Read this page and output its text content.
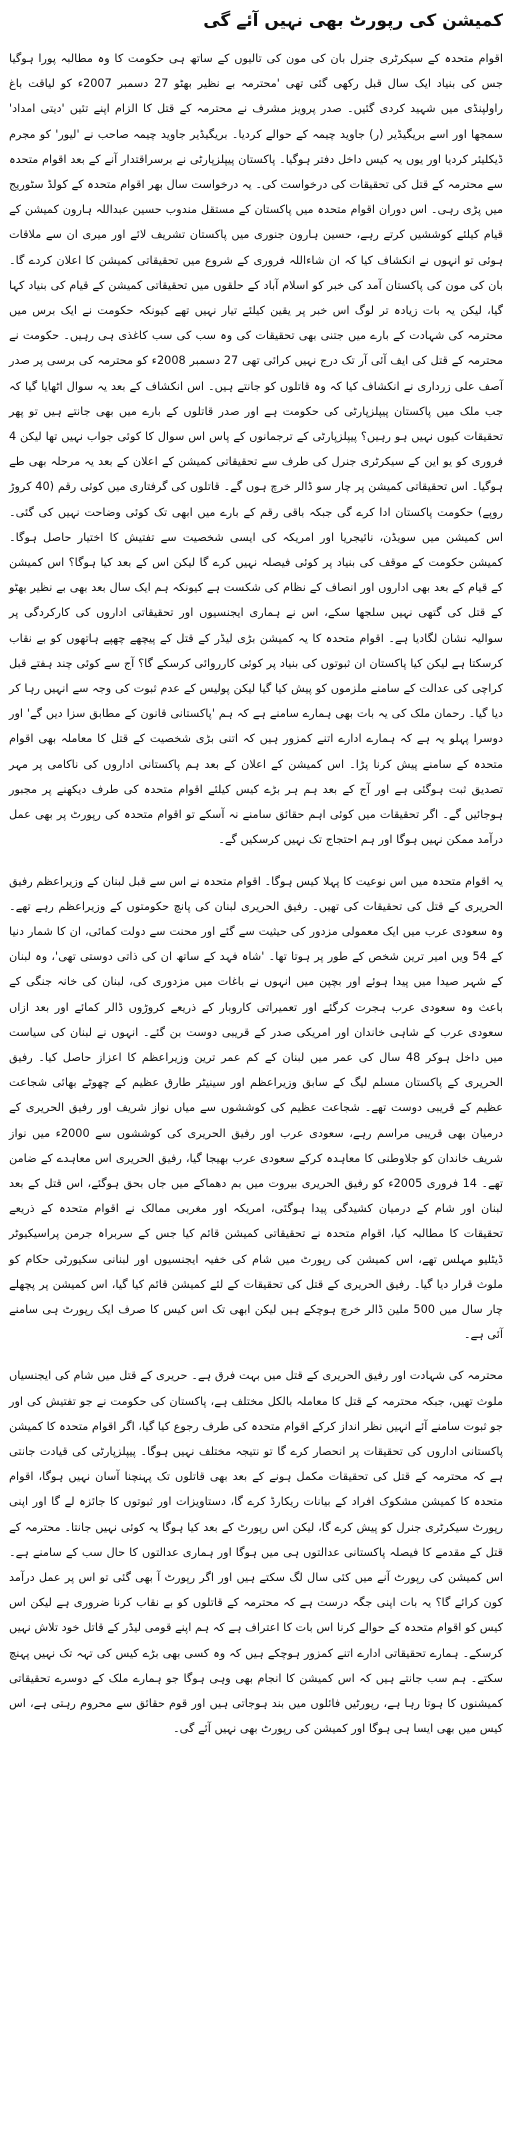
کمیشن کی رپورٹ بھی نہیں آئے گی

اقوام متحدہ کے سیکرٹری جنرل بان کی مون کی تالیوں کے ساتھ ہی حکومت کا وہ مطالبہ پورا ہوگیا جس کی بنیاد ایک سال قبل رکھی گئی تھی 'محترمہ بے نظیر بھٹو 27 دسمبر 2007ء کو لیاقت باغ راولپنڈی میں شہید کردی گئیں۔ صدر پرویز مشرف نے محترمہ کے قتل کا الزام اپنے تئیں 'دیتی امداد' سمجھا اور اسے بریگیڈیر (ر) جاوید چیمہ کے حوالے کردیا۔ بریگیڈیر جاوید چیمہ صاحب نے 'لیور' کو مجرم ڈیکلیئر کردیا اور یوں یہ کیس داخل دفتر ہوگیا۔ پاکستان پیپلزپارٹی نے برسراقتدار آنے کے بعد اقوام متحدہ سے محترمہ کے قتل کی تحقیقات کی درخواست کی۔ یہ درخواست سال بھر اقوام متحدہ کے کولڈ سٹوریج میں پڑی رہی۔ اس دوران اقوام متحدہ میں پاکستان کے مستقل مندوب حسین عبداللہ ہارون کمیشن کے قیام کیلئے کوششیں کرتے رہے، حسین ہارون جنوری میں پاکستان تشریف لائے اور میری ان سے ملاقات ہوئی تو انہوں نے انکشاف کیا کہ ان شاءاللہ فروری کے شروع میں تحقیقاتی کمیشن کا اعلان کردے گا۔ بان کی مون کی پاکستان آمد کی خبر کو اسلام آباد کے حلقوں میں تحقیقاتی کمیشن کے قیام کی بنیاد کہا گیا، لیکن یہ بات زیادہ تر لوگ اس خبر پر یقین کیلئے تیار نہیں تھے کیونکہ حکومت نے ایک برس میں محترمہ کی شہادت کے بارے میں جتنی بھی تحقیقات کی وہ سب کی سب کاغذی ہی رہیں۔ حکومت نے محترمہ کے قتل کی ایف آئی آر تک درج نہیں کرائی تھی 27 دسمبر 2008ء کو محترمہ کی برسی پر صدر آصف علی زرداری نے انکشاف کیا کہ وہ قاتلوں کو جانتے ہیں۔ اس انکشاف کے بعد یہ سوال اٹھایا گیا کہ جب ملک میں پاکستان پیپلزپارٹی کی حکومت ہے اور صدر قاتلوں کے بارے میں بھی جانتے ہیں تو پھر تحقیقات کیوں نہیں ہو رہیں؟ پیپلزپارٹی کے ترجمانوں کے پاس اس سوال کا کوئی جواب نہیں تھا لیکن 4 فروری کو یو این کے سیکرٹری جنرل کی طرف سے تحقیقاتی کمیشن کے اعلان کے بعد یہ مرحلہ بھی طے ہوگیا۔ اس تحقیقاتی کمیشن پر چار سو ڈالر خرچ ہوں گے۔ قاتلوں کی گرفتاری میں کوئی رقم (40 کروڑ روپے) حکومت پاکستان ادا کرے گی جبکہ باقی رقم کے بارے میں ابھی تک کوئی وضاحت نہیں کی گئی۔ اس کمیشن میں سویڈن، نائیجریا اور امریکہ کی ایسی شخصیت سے تفتیش کا اختیار حاصل ہوگا۔ کمیشن حکومت کے موقف کی بنیاد پر کوئی فیصلہ نہیں کرے گا لیکن اس کے بعد کیا ہوگا؟ اس کمیشن کے قیام کے بعد بھی اداروں اور انصاف کے نظام کی شکست ہے کیونکہ ہم ایک سال بعد بھی بے نظیر بھٹو کے قتل کی گتھی نہیں سلجھا سکے، اس نے ہماری ایجنسیوں اور تحقیقاتی اداروں کی کارکردگی پر سوالیہ نشان لگادیا ہے۔ اقوام متحدہ کا یہ کمیشن بڑی لیڈر کے قتل کے پیچھے چھپے ہاتھوں کو بے نقاب کرسکتا ہے لیکن کیا پاکستان ان ثبوتوں کی بنیاد پر کوئی کارروائی کرسکے گا؟ آج سے کوئی چند ہفتے قبل کراچی کی عدالت کے سامنے ملزموں کو پیش کیا گیا لیکن پولیس کے عدم ثبوت کی وجہ سے انہیں رہا کر دیا گیا۔ رحمان ملک کی یہ بات بھی ہمارے سامنے ہے کہ ہم 'پاکستانی قانون کے مطابق سزا دیں گے' اور دوسرا پہلو یہ ہے کہ ہمارے ادارے اتنے کمزور ہیں کہ اتنی بڑی شخصیت کے قتل کا معاملہ بھی اقوام متحدہ کے سامنے پیش کرنا پڑا۔ اس کمیشن کے اعلان کے بعد ہم پاکستانی اداروں کی ناکامی پر مہر تصدیق ثبت ہوگئی ہے اور آج کے بعد ہم ہر بڑے کیس کیلئے اقوام متحدہ کی طرف دیکھنے پر مجبور ہوجائیں گے۔ اگر تحقیقات میں کوئی اہم حقائق سامنے نہ آسکے تو اقوام متحدہ کی رپورٹ پر بھی عمل درآمد ممکن نہیں ہوگا اور ہم احتجاج تک نہیں کرسکیں گے۔

یہ اقوام متحدہ میں اس نوعیت کا پہلا کیس ہوگا۔ اقوام متحدہ نے اس سے قبل لبنان کے وزیراعظم رفیق الحریری کے قتل کی تحقیقات کی تھیں۔ رفیق الحریری لبنان کی پانچ حکومتوں کے وزیراعظم رہے تھے۔ وہ سعودی عرب میں ایک معمولی مزدور کی حیثیت سے گئے اور محنت سے دولت کمائی، ان کا شمار دنیا کے 54 ویں امیر ترین شخص کے طور پر ہوتا تھا۔ 'شاہ فہد کے ساتھ ان کی ذاتی دوستی تھی'، وہ لبنان کے شہر صیدا میں پیدا ہوئے اور بچپن میں انہوں نے باغات میں مزدوری کی، لبنان کی خانہ جنگی کے باعث وہ سعودی عرب ہجرت کرگئے اور تعمیراتی کاروبار کے ذریعے کروڑوں ڈالر کمائے اور بعد ازاں سعودی عرب کے شاہی خاندان اور امریکی صدر کے قریبی دوست بن گئے۔ انہوں نے لبنان کی سیاست میں داخل ہوکر 48 سال کی عمر میں لبنان کے کم عمر ترین وزیراعظم کا اعزاز حاصل کیا۔ رفیق الحریری کے پاکستان مسلم لیگ کے سابق وزیراعظم اور سینیٹر طارق عظیم کے چھوٹے بھائی شجاعت عظیم کے قریبی دوست تھے۔ شجاعت عظیم کی کوششوں سے میاں نواز شریف اور رفیق الحریری کے درمیان بھی قریبی مراسم رہے، سعودی عرب اور رفیق الحریری کی کوششوں سے 2000ء میں نواز شریف خاندان کو جلاوطنی کا معاہدہ کرکے سعودی عرب بھیجا گیا، رفیق الحریری اس معاہدے کے ضامن تھے۔ 14 فروری 2005ء کو رفیق الحریری بیروت میں بم دھماکے میں جاں بحق ہوگئے، اس قتل کے بعد لبنان اور شام کے درمیان کشیدگی پیدا ہوگئی، امریکہ اور مغربی ممالک نے اقوام متحدہ کے ذریعے تحقیقات کا مطالبہ کیا، اقوام متحدہ نے تحقیقاتی کمیشن قائم کیا جس کے سربراہ جرمن پراسیکیوٹر ڈیٹلیو مہلس تھے، اس کمیشن کی رپورٹ میں شام کی خفیہ ایجنسیوں اور لبنانی سکیورٹی حکام کو ملوث قرار دیا گیا۔ رفیق الحریری کے قتل کی تحقیقات کے لئے کمیشن قائم کیا گیا، اس کمیشن پر پچھلے چار سال میں 500 ملین ڈالر خرچ ہوچکے ہیں لیکن ابھی تک اس کیس کا صرف ایک رپورٹ ہی سامنے آئی ہے۔

محترمہ کی شہادت اور رفیق الحریری کے قتل میں بہت فرق ہے۔ حریری کے قتل میں شام کی ایجنسیاں ملوث تھیں، جبکہ محترمہ کے قتل کا معاملہ بالکل مختلف ہے، پاکستان کی حکومت نے جو تفتیش کی اور جو ثبوت سامنے آئے انہیں نظر انداز کرکے اقوام متحدہ کی طرف رجوع کیا گیا، اگر اقوام متحدہ کا کمیشن پاکستانی اداروں کی تحقیقات پر انحصار کرے گا تو نتیجہ مختلف نہیں ہوگا۔ پیپلزپارٹی کی قیادت جانتی ہے کہ محترمہ کے قتل کی تحقیقات مکمل ہونے کے بعد بھی قاتلوں تک پہنچنا آسان نہیں ہوگا، اقوام متحدہ کا کمیشن مشکوک افراد کے بیانات ریکارڈ کرے گا، دستاویزات اور ثبوتوں کا جائزہ لے گا اور اپنی رپورٹ سیکرٹری جنرل کو پیش کرے گا، لیکن اس رپورٹ کے بعد کیا ہوگا یہ کوئی نہیں جانتا۔ محترمہ کے قتل کے مقدمے کا فیصلہ پاکستانی عدالتوں ہی میں ہوگا اور ہماری عدالتوں کا حال سب کے سامنے ہے۔ اس کمیشن کی رپورٹ آنے میں کئی سال لگ سکتے ہیں اور اگر رپورٹ آ بھی گئی تو اس پر عمل درآمد کون کرائے گا؟ یہ بات اپنی جگہ درست ہے کہ محترمہ کے قاتلوں کو بے نقاب کرنا ضروری ہے لیکن اس کیس کو اقوام متحدہ کے حوالے کرنا اس بات کا اعتراف ہے کہ ہم اپنے قومی لیڈر کے قاتل خود تلاش نہیں کرسکے۔ ہمارے تحقیقاتی ادارے اتنے کمزور ہوچکے ہیں کہ وہ کسی بھی بڑے کیس کی تہہ تک نہیں پہنچ سکتے۔ ہم سب جانتے ہیں کہ اس کمیشن کا انجام بھی وہی ہوگا جو ہمارے ملک کے دوسرے تحقیقاتی کمیشنوں کا ہوتا رہا ہے، رپورٹیں فائلوں میں بند ہوجاتی ہیں اور قوم حقائق سے محروم رہتی ہے، اس کیس میں بھی ایسا ہی ہوگا اور کمیشن کی رپورٹ بھی نہیں آئے گی۔
